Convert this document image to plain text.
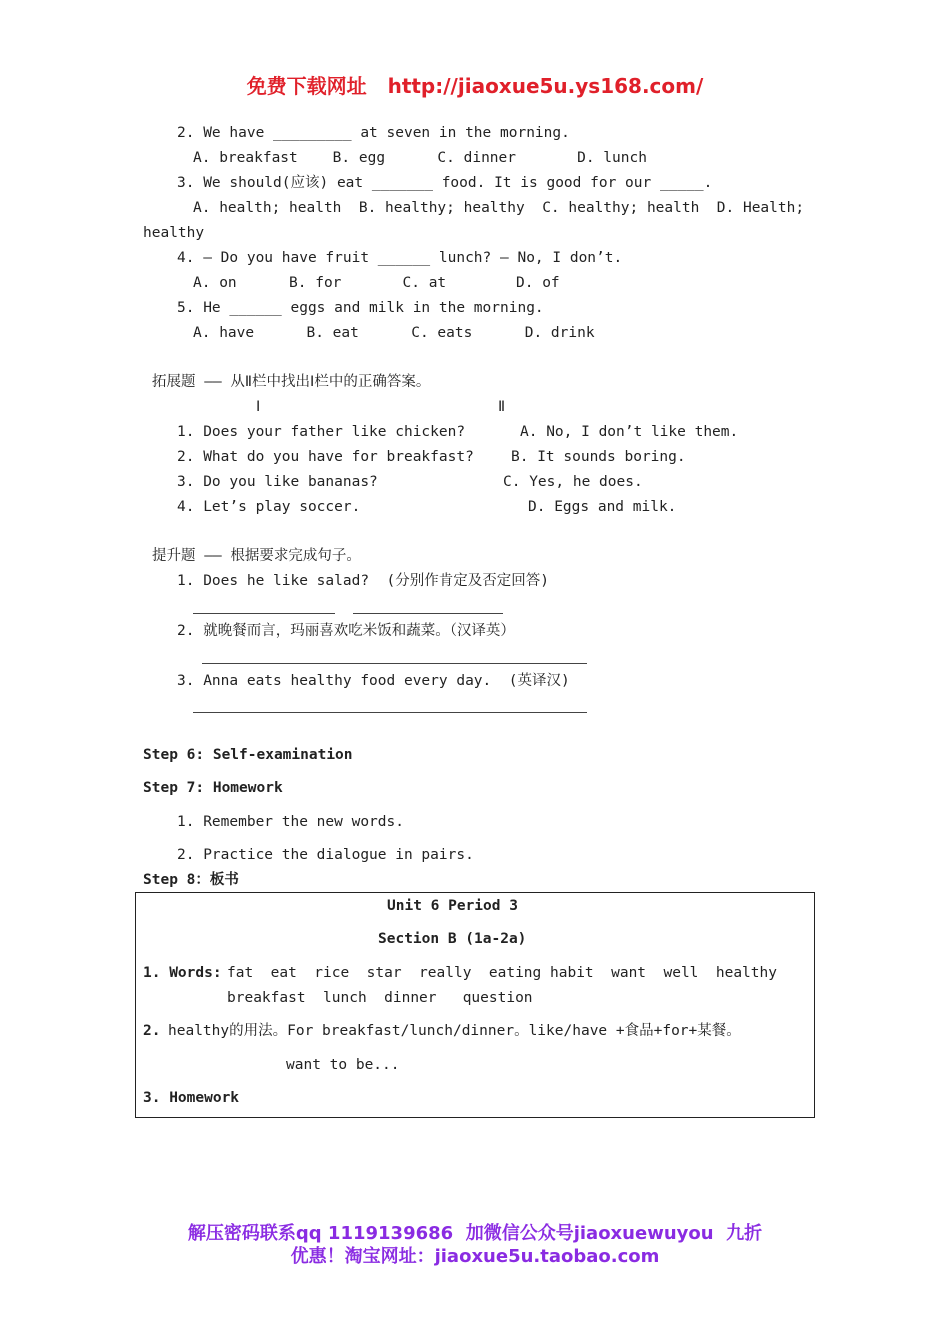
免费下载网址   http://jiaoxue5u.ys168.com/
2. We have _________ at seven in the morning.
A. breakfast    B. egg      C. dinner       D. lunch
3. We should(应该) eat _______ food. It is good for our _____.
A. health; health  B. healthy; healthy  C. healthy; health  D. Health;
healthy
4. — Do you have fruit ______ lunch? — No, I don’t.
A. on      B. for       C. at        D. of
5. He ______ eggs and milk in the morning.
A. have      B. eat      C. eats      D. drink
拓展题 —— 从Ⅱ栏中找出Ⅰ栏中的正确答案。
Ⅰ	Ⅱ
1. Does your father like chicken?	A. No, I don’t like them.
2. What do you have for breakfast?	B. It sounds boring.
3. Do you like bananas?	C. Yes, he does.
4. Let’s play soccer.	D. Eggs and milk.
提升题 —— 根据要求完成句子。
1. Does he like salad?  (分别作肯定及否定回答)
2. 就晚餐而言，玛丽喜欢吃米饭和蔬菜。（汉译英）
3. Anna eats healthy food every day.  (英译汉)
Step 6: Self-examination
Step 7: Homework
1. Remember the new words.
2. Practice the dialogue in pairs.
Step 8：板书
Unit 6 Period 3
Section B (1a-2a)
1. Words: fat  eat  rice  star  really  eating habit  want  well  healthy
breakfast  lunch  dinner   question
2. healthy的用法。For breakfast/lunch/dinner。like/have +食品+for+某餐。
want to be...
3. Homework
解压密码联系qq 1119139686  加微信公众号jiaoxuewuyou  九折
优惠！淘宝网址：jiaoxue5u.taobao.com
